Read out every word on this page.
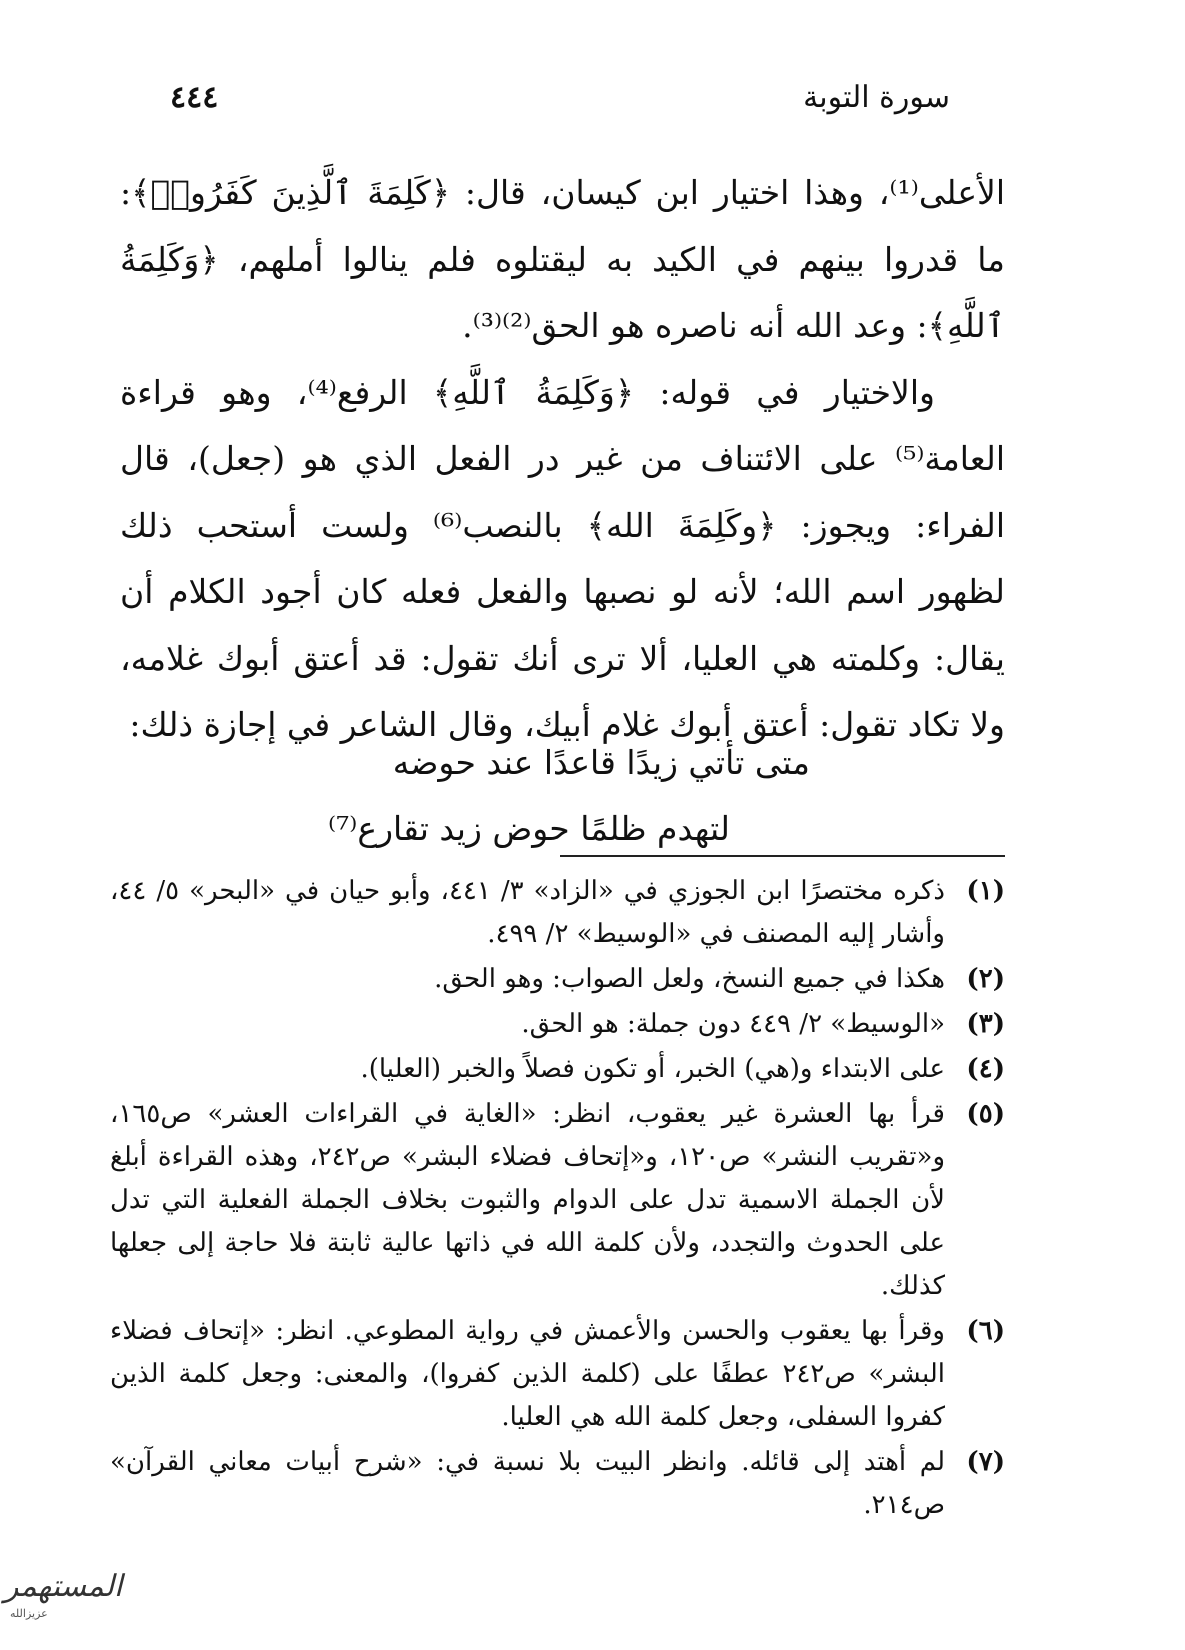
سورة التوبة
٤٤٤

الأعلى⁽¹⁾، وهذا اختيار ابن كيسان، قال: ﴿كَلِمَةَ ٱلَّذِينَ كَفَرُوا۟﴾: ما قدروا بينهم في الكيد به ليقتلوه فلم ينالوا أملهم، ﴿وَكَلِمَةُ ٱللَّهِ﴾: وعد الله أنه ناصره هو الحق⁽²⁾⁽³⁾.

والاختيار في قوله: ﴿وَكَلِمَةُ ٱللَّهِ﴾ الرفع⁽⁴⁾، وهو قراءة العامة⁽⁵⁾ على الائتناف من غير در الفعل الذي هو (جعل)، قال الفراء: ويجوز: ﴿وكَلِمَةَ الله﴾ بالنصب⁽⁶⁾ ولست أستحب ذلك لظهور اسم الله؛ لأنه لو نصبها والفعل فعله كان أجود الكلام أن يقال: وكلمته هي العليا، ألا ترى أنك تقول: قد أعتق أبوك غلامه، ولا تكاد تقول: أعتق أبوك غلام أبيك، وقال الشاعر في إجازة ذلك:

متى تأتي زيدًا قاعدًا عند حوضه
لتهدم ظلمًا حوض زيد تقارع⁽⁷⁾
(١)
ذكره مختصرًا ابن الجوزي في «الزاد» ٣/ ٤٤١، وأبو حيان في «البحر» ٥/ ٤٤، وأشار إليه المصنف في «الوسيط» ٢/ ٤٩٩.
(٢)
هكذا في جميع النسخ، ولعل الصواب: وهو الحق.
(٣)
«الوسيط» ٢/ ٤٤٩ دون جملة: هو الحق.
(٤)
على الابتداء و(هي) الخبر، أو تكون فصلاً والخبر (العليا).
(٥)
قرأ بها العشرة غير يعقوب، انظر: «الغاية في القراءات العشر» ص١٦٥، و«تقريب النشر» ص١٢٠، و«إتحاف فضلاء البشر» ص٢٤٢، وهذه القراءة أبلغ لأن الجملة الاسمية تدل على الدوام والثبوت بخلاف الجملة الفعلية التي تدل على الحدوث والتجدد، ولأن كلمة الله في ذاتها عالية ثابتة فلا حاجة إلى جعلها كذلك.
(٦)
وقرأ بها يعقوب والحسن والأعمش في رواية المطوعي. انظر: «إتحاف فضلاء البشر» ص٢٤٢ عطفًا على (كلمة الذين كفروا)، والمعنى: وجعل كلمة الذين كفروا السفلى، وجعل كلمة الله هي العليا.
(٧)
لم أهتد إلى قائله. وانظر البيت بلا نسبة في: «شرح أبيات معاني القرآن» ص٢١٤.
المستهمر
عزيزالله
